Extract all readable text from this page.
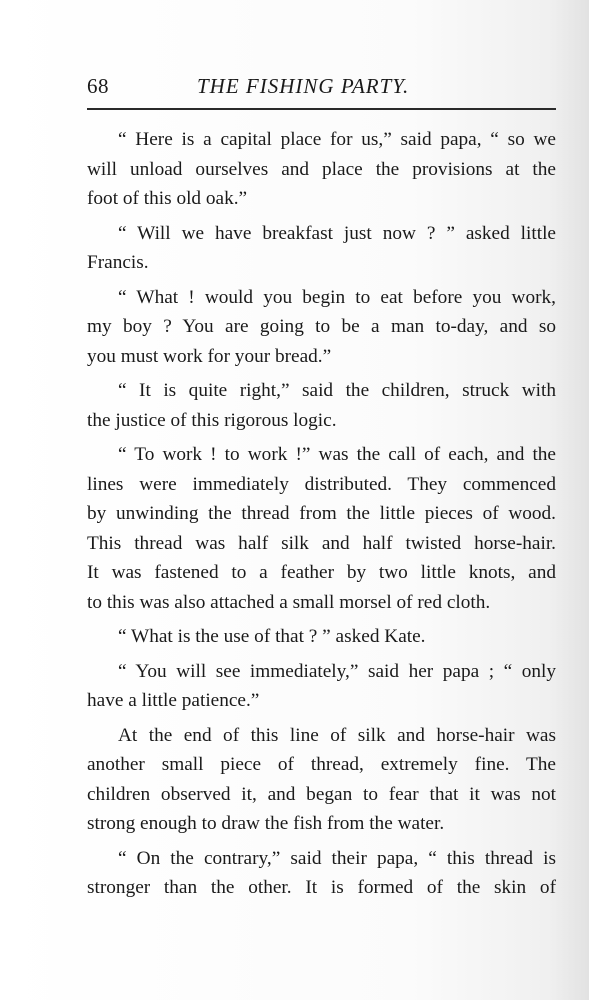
68	THE FISHING PARTY.
“ Here is a capital place for us,” said papa, “ so we
will unload ourselves and place the provisions at the
foot of this old oak.”
“ Will we have breakfast just now ? ” asked little
Francis.
“ What ! would you begin to eat before you work,
my boy ? You are going to be a man to-day, and so
you must work for your bread.”
“ It is quite right,” said the children, struck with
the justice of this rigorous logic.
“ To work ! to work !” was the call of each, and the
lines were immediately distributed. They commenced
by unwinding the thread from the little pieces of wood.
This thread was half silk and half twisted horse-hair.
It was fastened to a feather by two little knots, and
to this was also attached a small morsel of red cloth.
“ What is the use of that ? ” asked Kate.
“ You will see immediately,” said her papa ; “ only
have a little patience.”
At the end of this line of silk and horse-hair was
another small piece of thread, extremely fine. The
children observed it, and began to fear that it was not
strong enough to draw the fish from the water.
“ On the contrary,” said their papa, “ this thread is
stronger than the other. It is formed of the skin of
